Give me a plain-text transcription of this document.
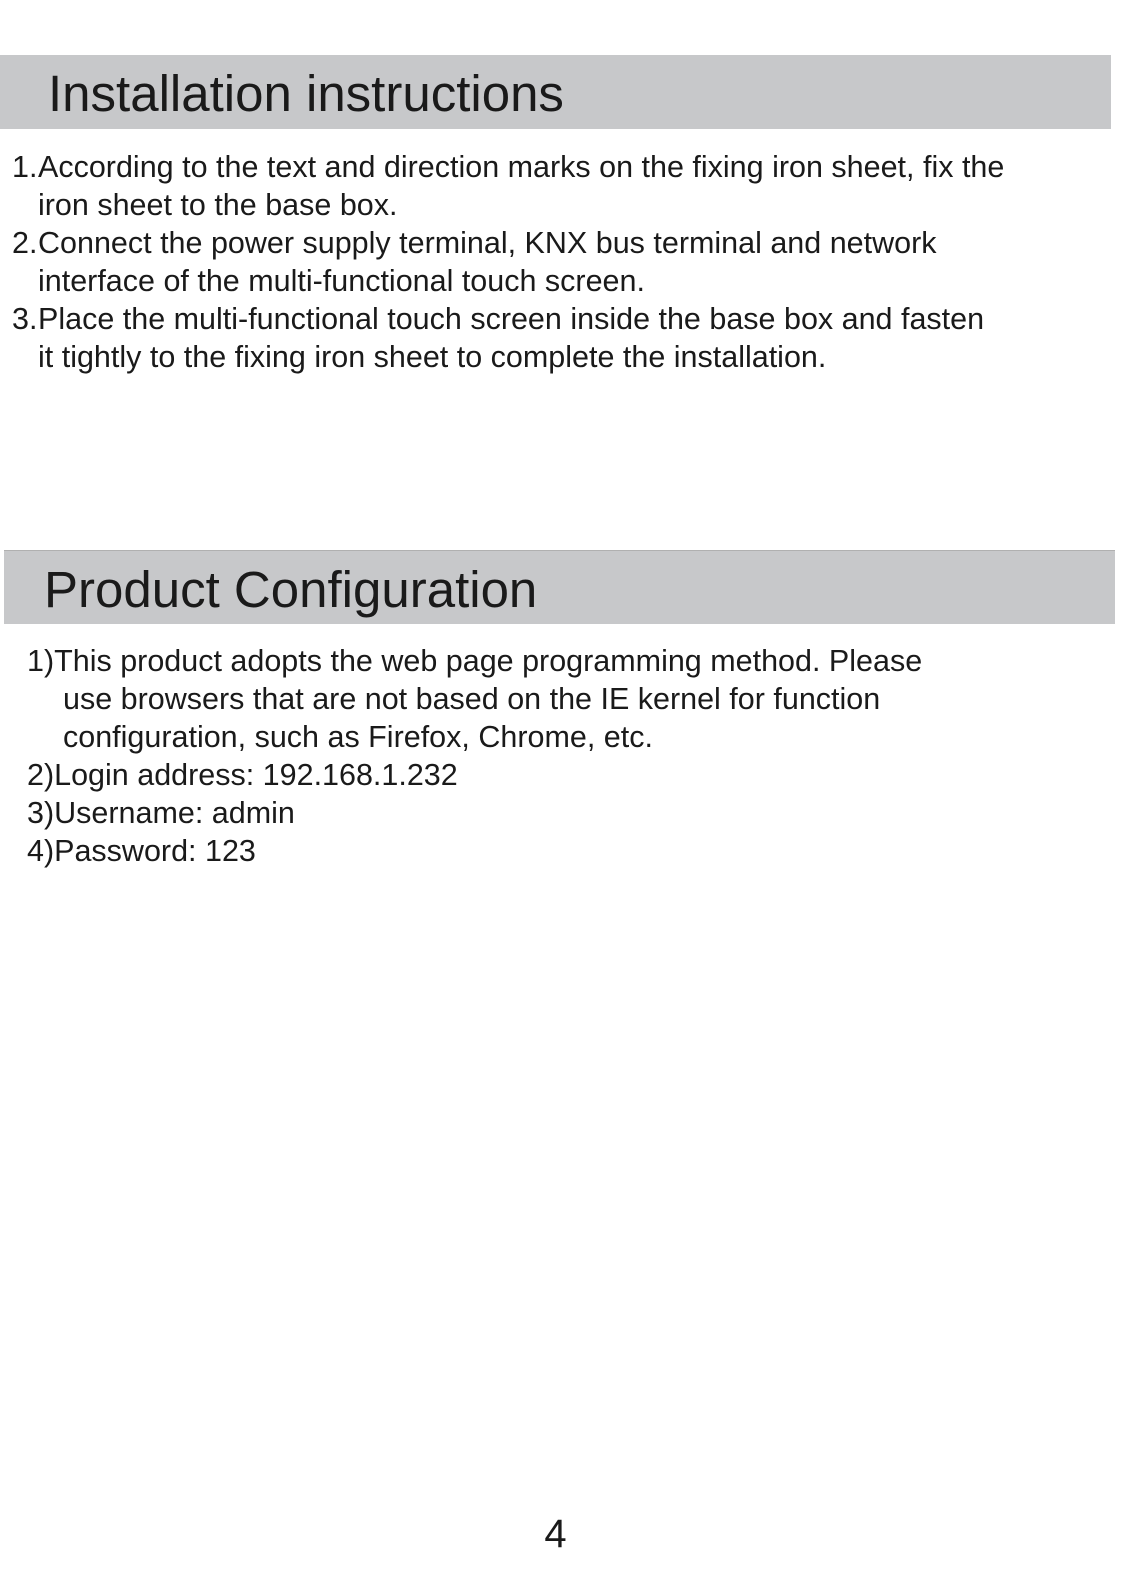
Installation instructions
1. According to the text and direction marks on the fixing iron sheet, fix the
iron sheet to the base box.
2. Connect the power supply terminal, KNX bus terminal and network
interface of the multi-functional touch screen.
3. Place the multi-functional touch screen inside the base box and fasten
it tightly to the fixing iron sheet to complete the installation.
Product Configuration
1)This product adopts the web page programming method. Please
use browsers that are not based on the IE kernel for function
configuration, such as Firefox, Chrome, etc.
2)Login address: 192.168.1.232
3)Username: admin
4)Password: 123
4
